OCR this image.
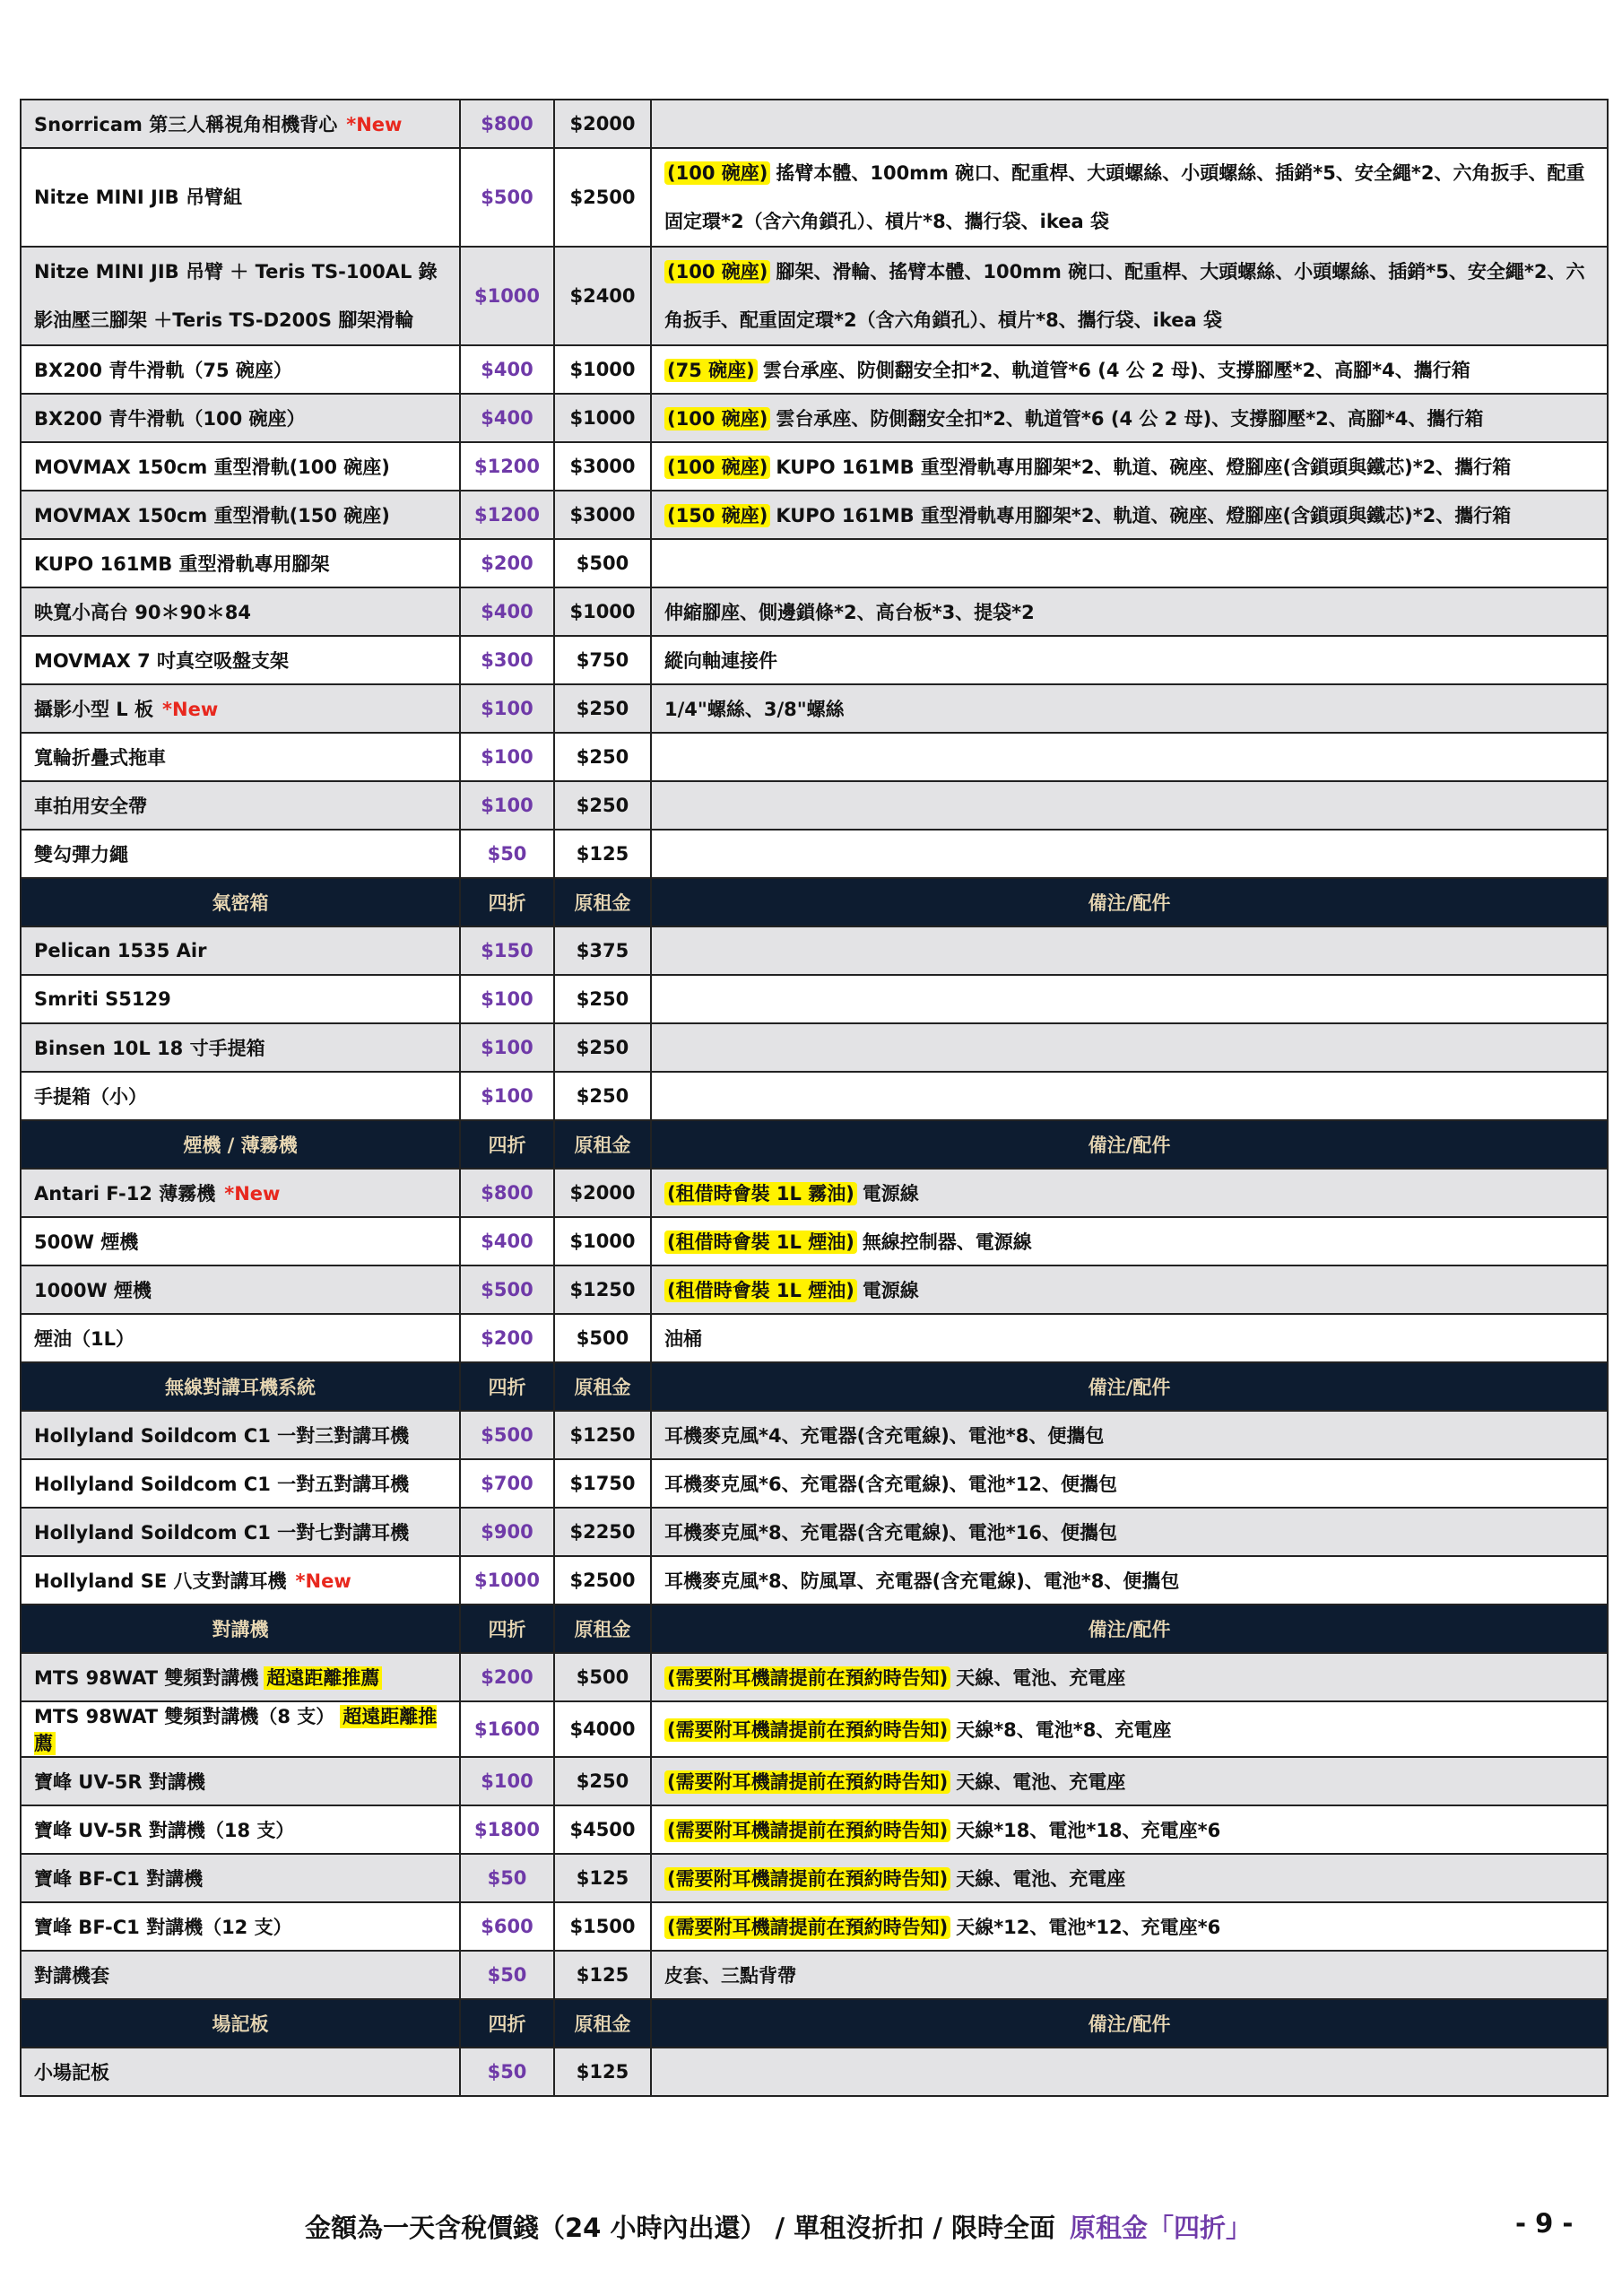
Snorricam 第三人稱視角相機背心 *New	$800	$2000	
Nitze MINI JIB 吊臂組	$500	$2500	(100 碗座) 搖臂本體、100mm 碗口、配重桿、大頭螺絲、小頭螺絲、插銷*5、安全繩*2、六角扳手、配重固定環*2（含六角鎖孔）、槓片*8、攜行袋、ikea 袋
Nitze MINI JIB 吊臂 ＋ Teris TS-100AL 錄影油壓三腳架 ＋Teris TS-D200S 腳架滑輪	$1000	$2400	(100 碗座) 腳架、滑輪、搖臂本體、100mm 碗口、配重桿、大頭螺絲、小頭螺絲、插銷*5、安全繩*2、六角扳手、配重固定環*2（含六角鎖孔）、槓片*8、攜行袋、ikea 袋
BX200 青牛滑軌（75 碗座）	$400	$1000	(75 碗座) 雲台承座、防側翻安全扣*2、軌道管*6 (4 公 2 母)、支撐腳壓*2、高腳*4、攜行箱
BX200 青牛滑軌（100 碗座）	$400	$1000	(100 碗座) 雲台承座、防側翻安全扣*2、軌道管*6 (4 公 2 母)、支撐腳壓*2、高腳*4、攜行箱
MOVMAX 150cm 重型滑軌(100 碗座)	$1200	$3000	(100 碗座) KUPO 161MB 重型滑軌專用腳架*2、軌道、碗座、燈腳座(含鎖頭與鐵芯)*2、攜行箱
MOVMAX 150cm 重型滑軌(150 碗座)	$1200	$3000	(150 碗座) KUPO 161MB 重型滑軌專用腳架*2、軌道、碗座、燈腳座(含鎖頭與鐵芯)*2、攜行箱
KUPO 161MB 重型滑軌專用腳架	$200	$500	
映寬小高台 90＊90＊84	$400	$1000	伸縮腳座、側邊鎖條*2、高台板*3、提袋*2
MOVMAX 7 吋真空吸盤支架	$300	$750	縱向軸連接件
攝影小型 L 板 *New	$100	$250	1/4"螺絲、3/8"螺絲
寬輪折疊式拖車	$100	$250	
車拍用安全帶	$100	$250	
雙勾彈力繩	$50	$125	
氣密箱	四折	原租金	備注/配件
Pelican 1535 Air	$150	$375	
Smriti S5129	$100	$250	
Binsen 10L 18 寸手提箱	$100	$250	
手提箱（小）	$100	$250	
煙機 / 薄霧機	四折	原租金	備注/配件
Antari F-12 薄霧機 *New	$800	$2000	(租借時會裝 1L 霧油) 電源線
500W 煙機	$400	$1000	(租借時會裝 1L 煙油) 無線控制器、電源線
1000W 煙機	$500	$1250	(租借時會裝 1L 煙油) 電源線
煙油（1L）	$200	$500	油桶
無線對講耳機系統	四折	原租金	備注/配件
Hollyland Soildcom C1 一對三對講耳機	$500	$1250	耳機麥克風*4、充電器(含充電線)、電池*8、便攜包
Hollyland Soildcom C1 一對五對講耳機	$700	$1750	耳機麥克風*6、充電器(含充電線)、電池*12、便攜包
Hollyland Soildcom C1 一對七對講耳機	$900	$2250	耳機麥克風*8、充電器(含充電線)、電池*16、便攜包
Hollyland SE 八支對講耳機 *New	$1000	$2500	耳機麥克風*8、防風罩、充電器(含充電線)、電池*8、便攜包
對講機	四折	原租金	備注/配件
MTS 98WAT 雙頻對講機 超遠距離推薦	$200	$500	(需要附耳機請提前在預約時告知) 天線、電池、充電座
MTS 98WAT 雙頻對講機（8 支） 超遠距離推薦	$1600	$4000	(需要附耳機請提前在預約時告知) 天線*8、電池*8、充電座
寶峰 UV-5R 對講機	$100	$250	(需要附耳機請提前在預約時告知) 天線、電池、充電座
寶峰 UV-5R 對講機（18 支）	$1800	$4500	(需要附耳機請提前在預約時告知) 天線*18、電池*18、充電座*6
寶峰 BF-C1 對講機	$50	$125	(需要附耳機請提前在預約時告知) 天線、電池、充電座
寶峰 BF-C1 對講機（12 支）	$600	$1500	(需要附耳機請提前在預約時告知) 天線*12、電池*12、充電座*6
對講機套	$50	$125	皮套、三點背帶
場記板	四折	原租金	備注/配件
小場記板	$50	$125	
金額為一天含稅價錢（24 小時內出還） / 單租沒折扣 / 限時全面 原租金「四折」	- 9 -
